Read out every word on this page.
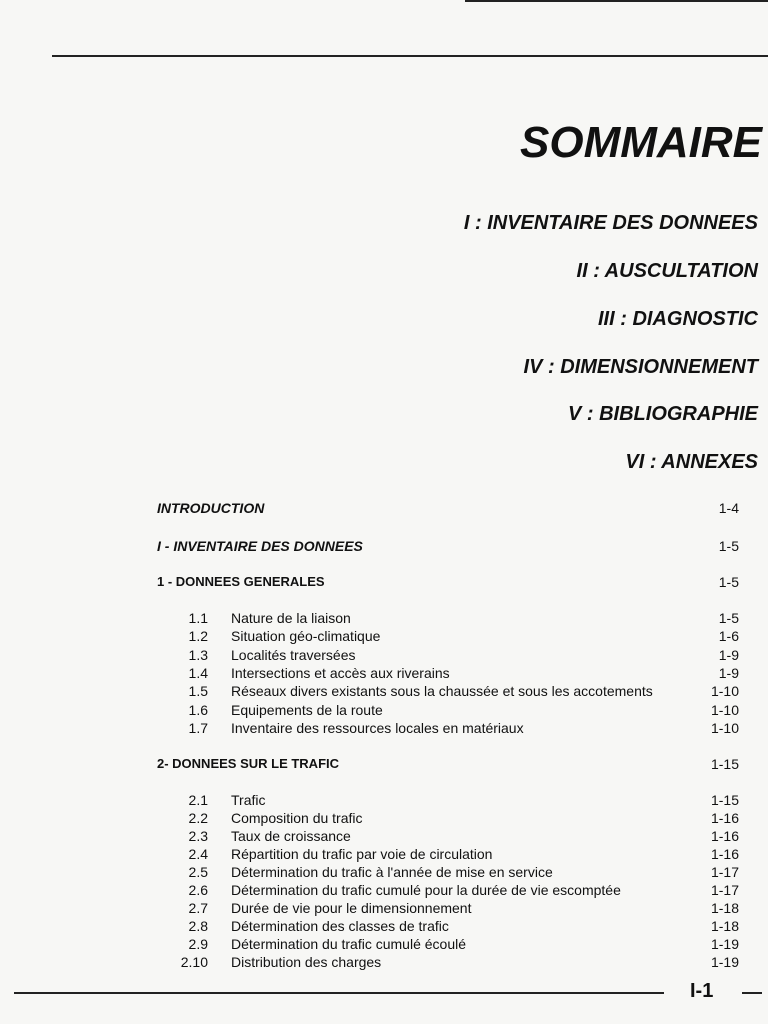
SOMMAIRE
I : INVENTAIRE DES DONNEES
II : AUSCULTATION
III : DIAGNOSTIC
IV : DIMENSIONNEMENT
V : BIBLIOGRAPHIE
VI : ANNEXES
INTRODUCTION	1-4
I - INVENTAIRE DES DONNEES	1-5
1 - DONNEES GENERALES	1-5
1.1 Nature de la liaison	1-5
1.2 Situation géo-climatique	1-6
1.3 Localités traversées	1-9
1.4 Intersections et accès aux riverains	1-9
1.5 Réseaux divers existants sous la chaussée et sous les accotements	1-10
1.6 Equipements de la route	1-10
1.7 Inventaire des ressources locales en matériaux	1-10
2- DONNEES SUR LE TRAFIC	1-15
2.1 Trafic	1-15
2.2 Composition du trafic	1-16
2.3 Taux de croissance	1-16
2.4 Répartition du trafic par voie de circulation	1-16
2.5 Détermination du trafic à l'année de mise en service	1-17
2.6 Détermination du trafic cumulé pour la durée de vie escomptée	1-17
2.7 Durée de vie pour le dimensionnement	1-18
2.8 Détermination des classes de trafic	1-18
2.9 Détermination du trafic cumulé écoulé	1-19
2.10 Distribution des charges	1-19
I-1
